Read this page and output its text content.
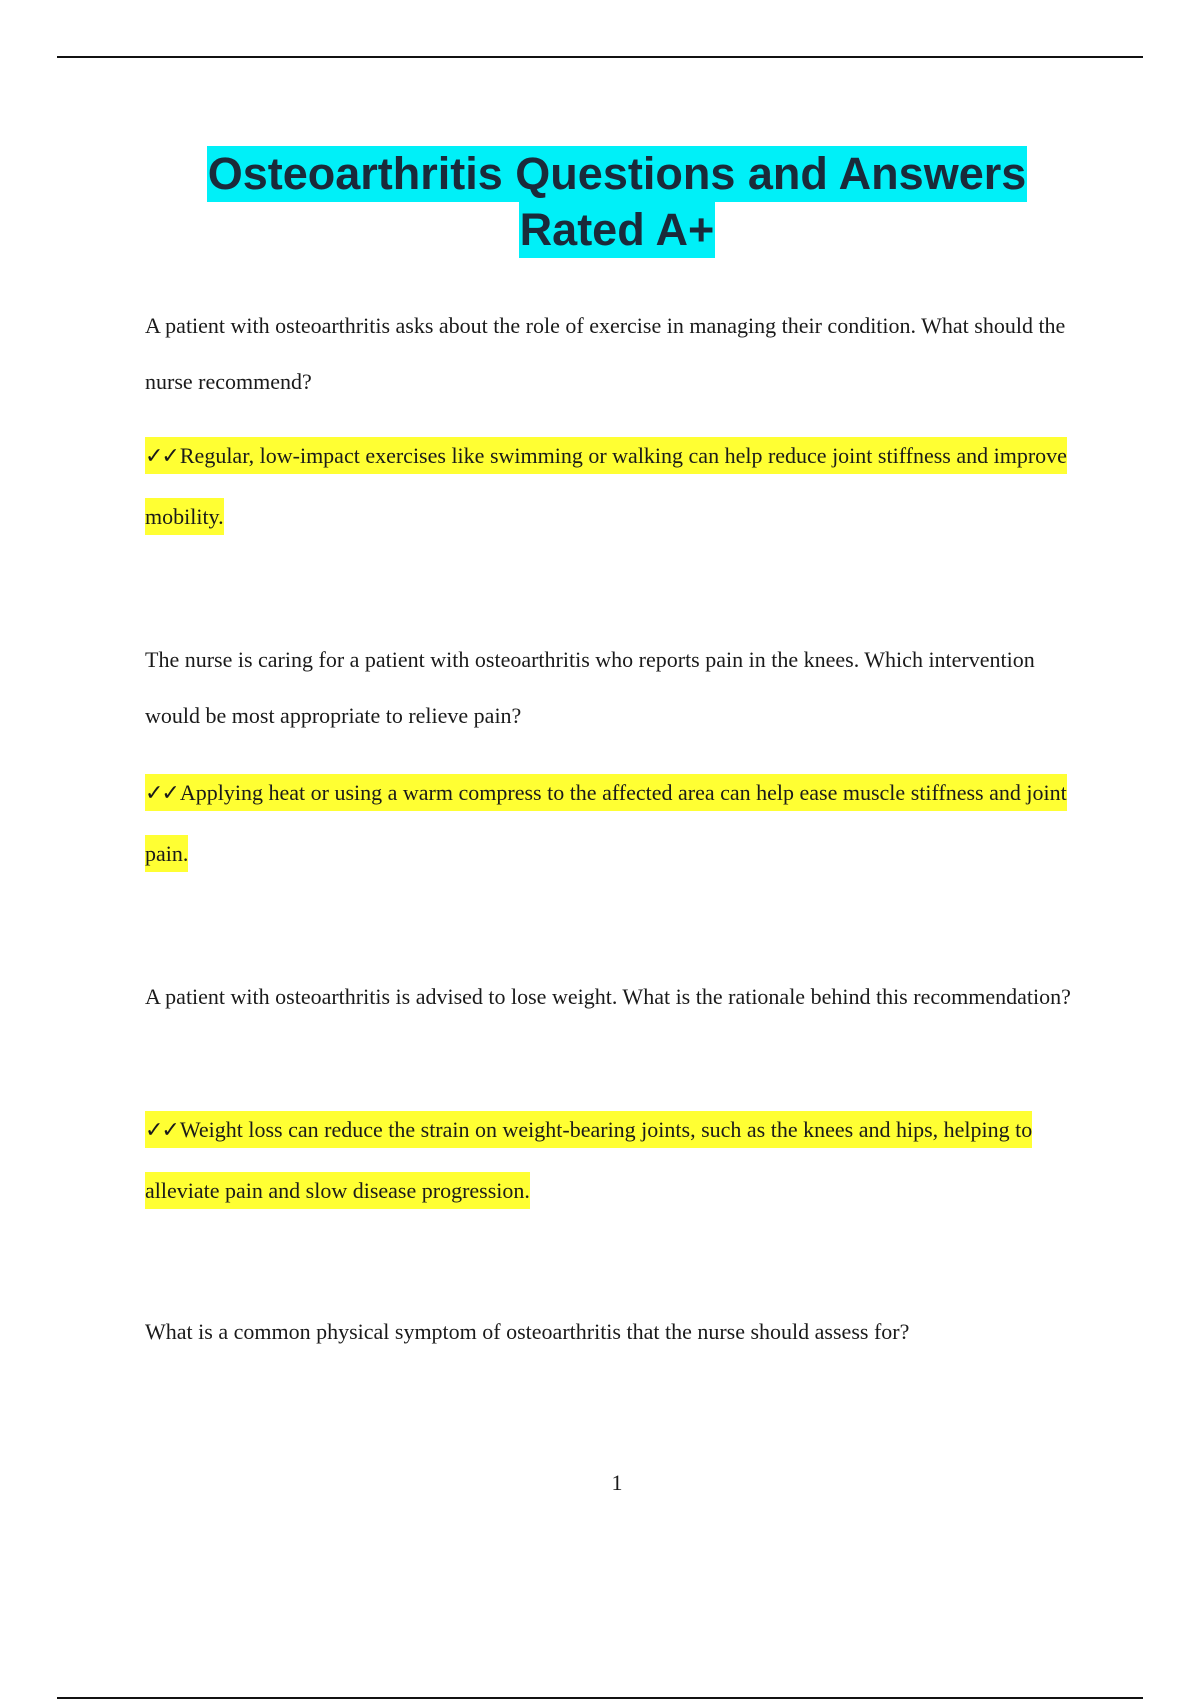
Osteoarthritis Questions and Answers
Rated A+

A patient with osteoarthritis asks about the role of exercise in managing their condition. What should the nurse recommend?

✓✓Regular, low-impact exercises like swimming or walking can help reduce joint stiffness and improve mobility.

The nurse is caring for a patient with osteoarthritis who reports pain in the knees. Which intervention would be most appropriate to relieve pain?

✓✓Applying heat or using a warm compress to the affected area can help ease muscle stiffness and joint pain.

A patient with osteoarthritis is advised to lose weight. What is the rationale behind this recommendation?

✓✓Weight loss can reduce the strain on weight-bearing joints, such as the knees and hips, helping to alleviate pain and slow disease progression.

What is a common physical symptom of osteoarthritis that the nurse should assess for?

1
